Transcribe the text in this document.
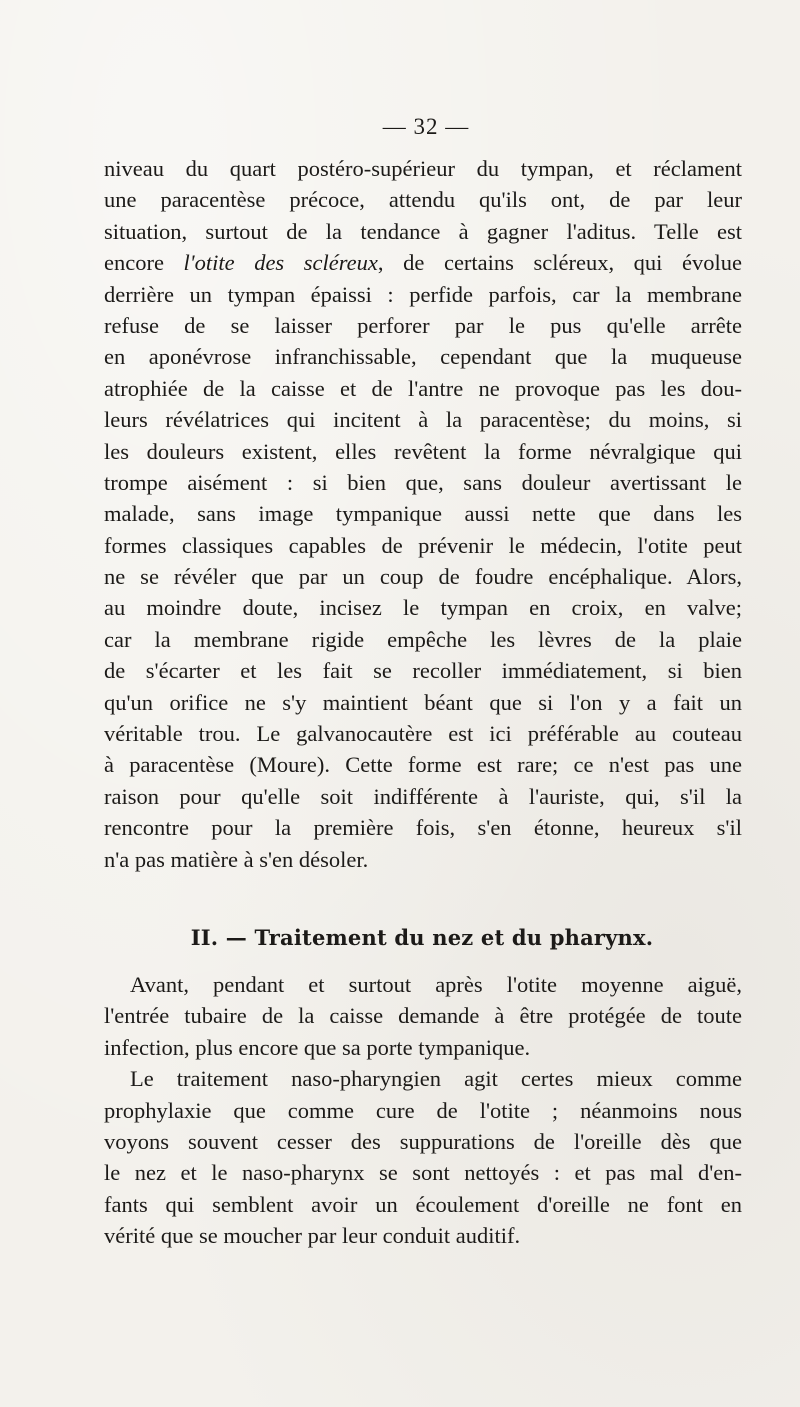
— 32 —
niveau du quart postéro-supérieur du tympan, et réclament
une paracentèse précoce, attendu qu'ils ont, de par leur
situation, surtout de la tendance à gagner l'aditus. Telle est
encore l'otite des scléreux, de certains scléreux, qui évolue
derrière un tympan épaissi : perfide parfois, car la membrane
refuse de se laisser perforer par le pus qu'elle arrête
en aponévrose infranchissable, cependant que la muqueuse
atrophiée de la caisse et de l'antre ne provoque pas les dou-
leurs révélatrices qui incitent à la paracentèse; du moins, si
les douleurs existent, elles revêtent la forme névralgique qui
trompe aisément : si bien que, sans douleur avertissant le
malade, sans image tympanique aussi nette que dans les
formes classiques capables de prévenir le médecin, l'otite peut
ne se révéler que par un coup de foudre encéphalique. Alors,
au moindre doute, incisez le tympan en croix, en valve;
car la membrane rigide empêche les lèvres de la plaie
de s'écarter et les fait se recoller immédiatement, si bien
qu'un orifice ne s'y maintient béant que si l'on y a fait un
véritable trou. Le galvanocautère est ici préférable au couteau
à paracentèse (Moure). Cette forme est rare; ce n'est pas une
raison pour qu'elle soit indifférente à l'auriste, qui, s'il la
rencontre pour la première fois, s'en étonne, heureux s'il
n'a pas matière à s'en désoler.
II. — Traitement du nez et du pharynx.
Avant, pendant et surtout après l'otite moyenne aiguë,
l'entrée tubaire de la caisse demande à être protégée de toute
infection, plus encore que sa porte tympanique.
Le traitement naso-pharyngien agit certes mieux comme
prophylaxie que comme cure de l'otite ; néanmoins nous
voyons souvent cesser des suppurations de l'oreille dès que
le nez et le naso-pharynx se sont nettoyés : et pas mal d'en-
fants qui semblent avoir un écoulement d'oreille ne font en
vérité que se moucher par leur conduit auditif.
